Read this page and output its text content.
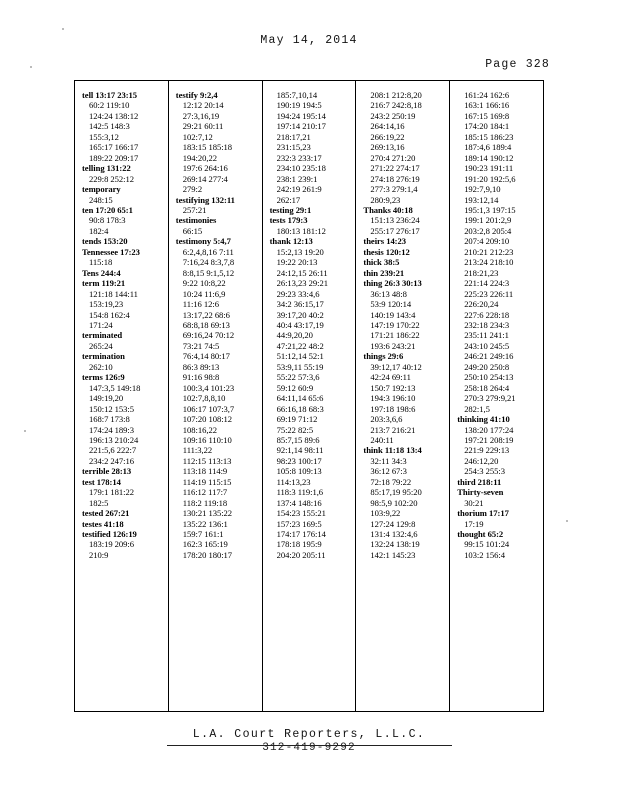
May 14, 2014
Page 328
tell 13:17 23:15
60:2 119:10
124:24 138:12
142:5 148:3
155:3,12
165:17 166:17
189:22 209:17
telling 131:22
229:8 252:12
temporary
248:15
ten 17:20 65:1
90:8 178:3
182:4
tends 153:20
Tennessee 17:23
115:18
Tens 244:4
term 119:21
121:18 144:11
153:19,23
154:8 162:4
171:24
terminated
265:24
termination
262:10
terms 126:9
147:3,5 149:18
149:19,20
150:12 153:5
168:7 173:8
174:24 189:3
196:13 210:24
221:5,6 222:7
234:2 247:16
terrible 28:13
test 178:14
179:1 181:22
182:5
tested 267:21
testes 41:18
testified 126:19
183:19 209:6
210:9
testify 9:2,4
12:12 20:14
27:3,16,19
29:21 60:11
102:7,12
183:15 185:18
194:20,22
197:6 264:16
269:14 277:4
279:2
testifying 132:11
257:21
testimonies
66:15
testimony 5:4,7
6:2,4,8,16 7:11
7:16,24 8:3,7,8
8:8,15 9:1,5,12
9:22 10:8,22
10:24 11:6,9
11:16 12:6
13:17,22 68:6
68:8,18 69:13
69:16,24 70:12
73:21 74:5
76:4,14 80:17
86:3 89:13
91:16 98:8
100:3,4 101:23
102:7,8,8,10
106:17 107:3,7
107:20 108:12
108:16,22
109:16 110:10
111:3,22
112:15 113:13
113:18 114:9
114:19 115:15
116:12 117:7
118:2 119:18
130:21 135:22
135:22 136:1
159:7 161:1
162:3 165:19
178:20 180:17
185:7,10,14
190:19 194:5
194:24 195:14
197:14 210:17
218:17,21
231:15,23
232:3 233:17
234:10 235:18
238:1 239:1
242:19 261:9
262:17
testing 29:1
tests 179:3
180:13 181:12
thank 12:13
15:2,13 19:20
19:22 20:13
24:12,15 26:11
26:13,23 29:21
29:23 33:4,6
34:2 36:15,17
39:17,20 40:2
40:4 43:17,19
44:9,20,20
47:21,22 48:2
51:12,14 52:1
53:9,11 55:19
55:22 57:3,6
59:12 60:9
64:11,14 65:6
66:16,18 68:3
69:19 71:12
75:22 82:5
85:7,15 89:6
92:1,14 98:11
98:23 100:17
105:8 109:13
114:13,23
118:3 119:1,6
137:4 148:16
154:23 155:21
157:23 169:5
174:17 176:14
178:18 195:9
204:20 205:11
208:1 212:8,20
216:7 242:8,18
243:2 250:19
264:14,16
266:19,22
269:13,16
270:4 271:20
271:22 274:17
274:18 276:19
277:3 279:1,4
280:9,23
Thanks 40:18
151:13 236:24
255:17 276:17
theirs 14:23
thesis 120:12
thick 38:5
thin 239:21
thing 26:3 30:13
36:13 48:8
53:9 120:14
140:19 143:4
147:19 170:22
171:21 186:22
193:6 243:21
things 29:6
39:12,17 40:12
42:24 69:11
150:7 192:13
194:3 196:10
197:18 198:6
203:3,6,6
213:7 216:21
240:11
think 11:18 13:4
32:11 34:3
36:12 67:3
72:18 79:22
85:17,19 95:20
98:5,9 102:20
103:9,22
127:24 129:8
131:4 132:4,6
132:24 138:19
142:1 145:23
161:24 162:6
163:1 166:16
167:15 169:8
174:20 184:1
185:15 186:23
187:4,6 189:4
189:14 190:12
190:23 191:11
191:20 192:5,6
192:7,9,10
193:12,14
195:1,3 197:15
199:1 201:2,9
203:2,8 205:4
207:4 209:10
210:21 212:23
213:24 218:10
218:21,23
221:14 224:3
225:23 226:11
226:20,24
227:6 228:18
232:18 234:3
235:11 241:1
243:10 245:5
246:21 249:16
249:20 250:8
250:10 254:13
258:18 264:4
270:3 279:9,21
282:1,5
thinking 41:10
138:20 177:24
197:21 208:19
221:9 229:13
246:12,20
254:3 255:3
third 218:11
Thirty-seven
30:21
thorium 17:17
17:19
thought 65:2
99:15 101:24
103:2 156:4
L.A. Court Reporters, L.L.C.
312-419-9292
